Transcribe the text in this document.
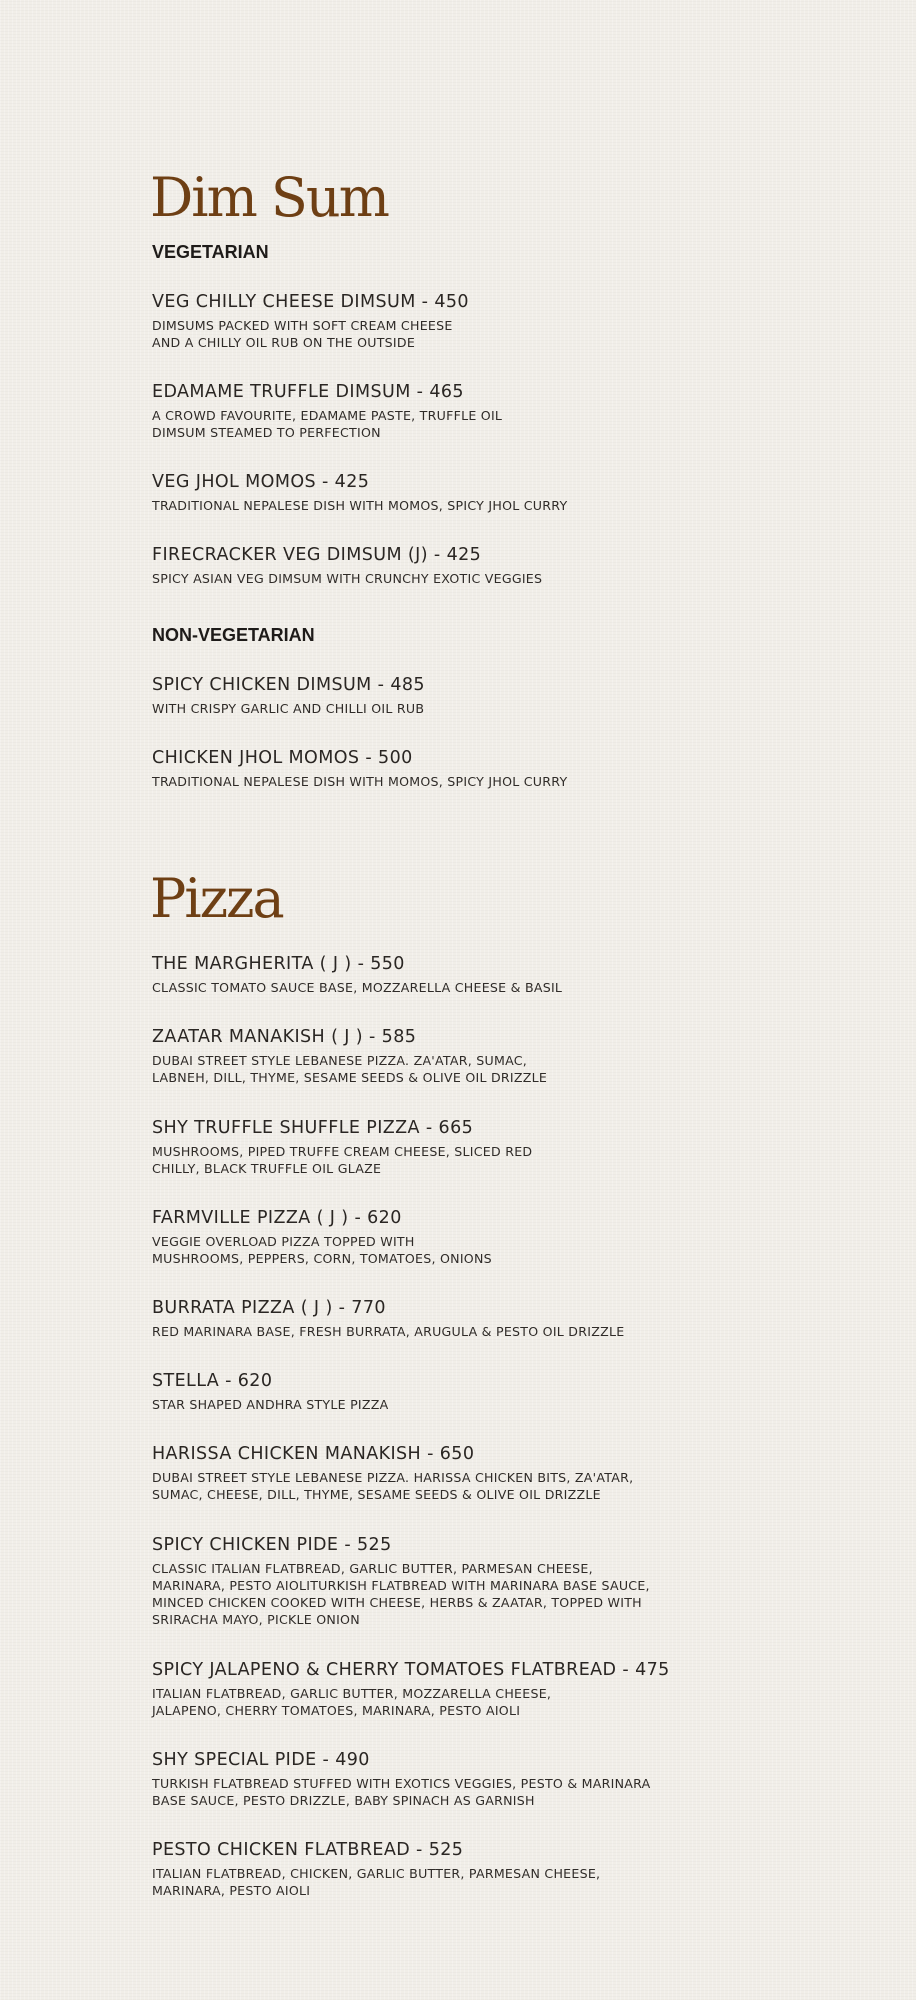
Dim Sum
VEGETARIAN

VEG CHILLY CHEESE DIMSUM - 450

DIMSUMS PACKED WITH SOFT CREAM CHEESE
AND A CHILLY OIL RUB ON THE OUTSIDE

EDAMAME TRUFFLE DIMSUM - 465

A CROWD FAVOURITE, EDAMAME PASTE, TRUFFLE OIL
DIMSUM STEAMED TO PERFECTION

VEG JHOL MOMOS - 425

TRADITIONAL NEPALESE DISH WITH MOMOS, SPICY JHOL CURRY

FIRECRACKER VEG DIMSUM (J) - 425

SPICY ASIAN VEG DIMSUM WITH CRUNCHY EXOTIC VEGGIES

NON-VEGETARIAN

SPICY CHICKEN DIMSUM - 485

WITH CRISPY GARLIC AND CHILLI OIL RUB

CHICKEN JHOL MOMOS - 500

TRADITIONAL NEPALESE DISH WITH MOMOS, SPICY JHOL CURRY

Pizza

THE MARGHERITA ( J ) - 550

CLASSIC TOMATO SAUCE BASE, MOZZARELLA CHEESE & BASIL

ZAATAR MANAKISH ( J ) - 585

DUBAI STREET STYLE LEBANESE PIZZA. ZA'ATAR, SUMAC,
LABNEH, DILL, THYME, SESAME SEEDS & OLIVE OIL DRIZZLE

SHY TRUFFLE SHUFFLE PIZZA - 665

MUSHROOMS, PIPED TRUFFE CREAM CHEESE, SLICED RED
CHILLY, BLACK TRUFFLE OIL GLAZE

FARMVILLE PIZZA ( J ) - 620

VEGGIE OVERLOAD PIZZA TOPPED WITH
MUSHROOMS, PEPPERS, CORN, TOMATOES, ONIONS

BURRATA PIZZA ( J ) - 770

RED MARINARA BASE, FRESH BURRATA, ARUGULA & PESTO OIL DRIZZLE

STELLA - 620

STAR SHAPED ANDHRA STYLE PIZZA

HARISSA CHICKEN MANAKISH - 650

DUBAI STREET STYLE LEBANESE PIZZA. HARISSA CHICKEN BITS, ZA'ATAR,
SUMAC, CHEESE, DILL, THYME, SESAME SEEDS & OLIVE OIL DRIZZLE

SPICY CHICKEN PIDE - 525

CLASSIC ITALIAN FLATBREAD, GARLIC BUTTER, PARMESAN CHEESE,
MARINARA, PESTO AIOLITURKISH FLATBREAD WITH MARINARA BASE SAUCE,
MINCED CHICKEN COOKED WITH CHEESE, HERBS & ZAATAR, TOPPED WITH
SRIRACHA MAYO, PICKLE ONION

SPICY JALAPENO & CHERRY TOMATOES FLATBREAD - 475

ITALIAN FLATBREAD, GARLIC BUTTER, MOZZARELLA CHEESE,
JALAPENO, CHERRY TOMATOES, MARINARA, PESTO AIOLI

SHY SPECIAL PIDE - 490

TURKISH FLATBREAD STUFFED WITH EXOTICS VEGGIES, PESTO & MARINARA
BASE SAUCE, PESTO DRIZZLE, BABY SPINACH AS GARNISH

PESTO CHICKEN FLATBREAD - 525

ITALIAN FLATBREAD, CHICKEN, GARLIC BUTTER, PARMESAN CHEESE,
MARINARA, PESTO AIOLI
